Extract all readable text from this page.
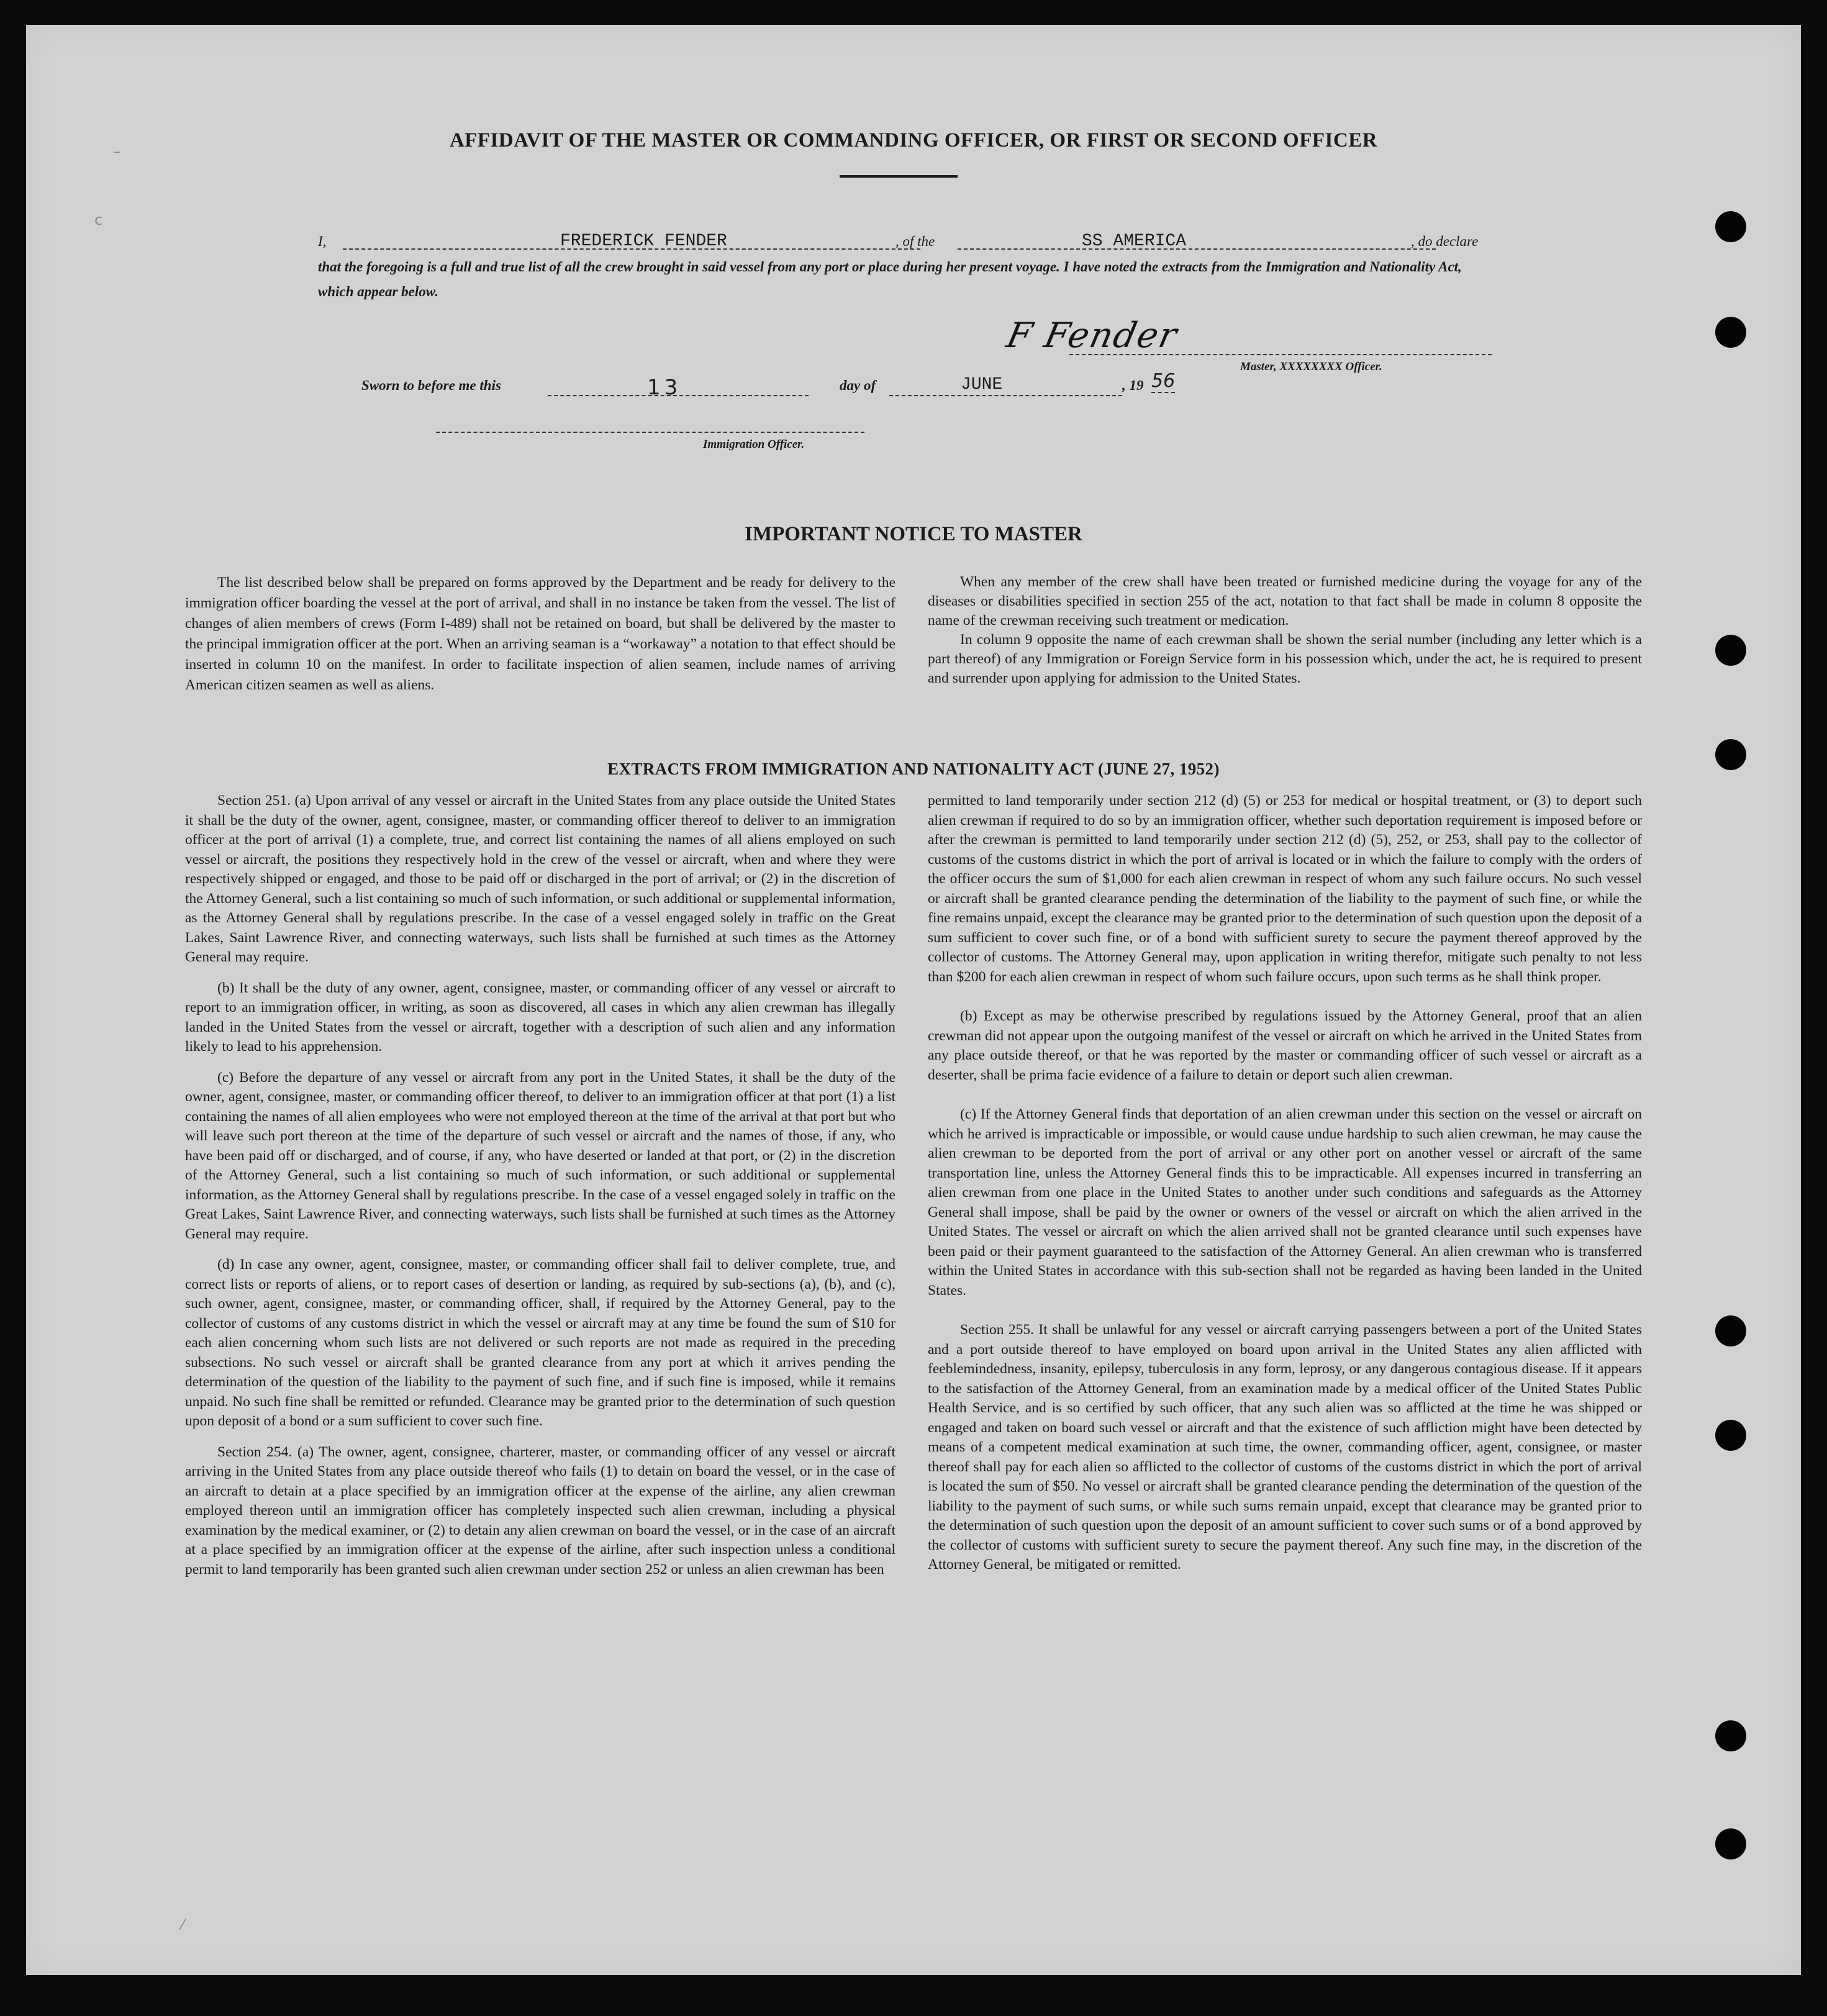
–
c
⁄
AFFIDAVIT OF THE MASTER OR COMMANDING OFFICER, OR FIRST OR SECOND OFFICER
I,	FREDERICK FENDER	, of the	SS AMERICA	, do declare
that the foregoing is a full and true list of all the crew brought in said vessel from any port or place during her present voyage. I have noted the extracts from the Immigration and Nationality Act, which appear below.
F Fender
Master, XXXXXXXX Officer.
Sworn to before me this	13	day of	JUNE	, 19 56
Immigration Officer.
IMPORTANT NOTICE TO MASTER

The list described below shall be prepared on forms approved by the Department and be ready for delivery to the immigration officer boarding the vessel at the port of arrival, and shall in no instance be taken from the vessel. The list of changes of alien members of crews (Form I-489) shall not be retained on board, but shall be delivered by the master to the principal immigration officer at the port. When an arriving seaman is a “workaway” a notation to that effect should be inserted in column 10 on the manifest. In order to facilitate inspection of alien seamen, include names of arriving American citizen seamen as well as aliens.

When any member of the crew shall have been treated or furnished medicine during the voyage for any of the diseases or disabilities specified in section 255 of the act, notation to that fact shall be made in column 8 opposite the name of the crewman receiving such treatment or medication.

In column 9 opposite the name of each crewman shall be shown the serial number (including any letter which is a part thereof) of any Immigration or Foreign Service form in his possession which, under the act, he is required to present and surrender upon applying for admission to the United States.

EXTRACTS FROM IMMIGRATION AND NATIONALITY ACT (JUNE 27, 1952)

Section 251. (a) Upon arrival of any vessel or aircraft in the United States from any place outside the United States it shall be the duty of the owner, agent, consignee, master, or commanding officer thereof to deliver to an immigration officer at the port of arrival (1) a complete, true, and correct list containing the names of all aliens employed on such vessel or aircraft, the positions they respectively hold in the crew of the vessel or aircraft, when and where they were respectively shipped or engaged, and those to be paid off or discharged in the port of arrival; or (2) in the discretion of the Attorney General, such a list containing so much of such information, or such additional or supplemental information, as the Attorney General shall by regulations prescribe. In the case of a vessel engaged solely in traffic on the Great Lakes, Saint Lawrence River, and connecting waterways, such lists shall be furnished at such times as the Attorney General may require.

(b) It shall be the duty of any owner, agent, consignee, master, or commanding officer of any vessel or aircraft to report to an immigration officer, in writing, as soon as discovered, all cases in which any alien crewman has illegally landed in the United States from the vessel or aircraft, together with a description of such alien and any information likely to lead to his apprehension.

(c) Before the departure of any vessel or aircraft from any port in the United States, it shall be the duty of the owner, agent, consignee, master, or commanding officer thereof, to deliver to an immigration officer at that port (1) a list containing the names of all alien employees who were not employed thereon at the time of the arrival at that port but who will leave such port thereon at the time of the departure of such vessel or aircraft and the names of those, if any, who have been paid off or discharged, and of course, if any, who have deserted or landed at that port, or (2) in the discretion of the Attorney General, such a list containing so much of such information, or such additional or supplemental information, as the Attorney General shall by regulations prescribe. In the case of a vessel engaged solely in traffic on the Great Lakes, Saint Lawrence River, and connecting waterways, such lists shall be furnished at such times as the Attorney General may require.

(d) In case any owner, agent, consignee, master, or commanding officer shall fail to deliver complete, true, and correct lists or reports of aliens, or to report cases of desertion or landing, as required by sub-sections (a), (b), and (c), such owner, agent, consignee, master, or commanding officer, shall, if required by the Attorney General, pay to the collector of customs of any customs district in which the vessel or aircraft may at any time be found the sum of $10 for each alien concerning whom such lists are not delivered or such reports are not made as required in the preceding subsections. No such vessel or aircraft shall be granted clearance from any port at which it arrives pending the determination of the question of the liability to the payment of such fine, and if such fine is imposed, while it remains unpaid. No such fine shall be remitted or refunded. Clearance may be granted prior to the determination of such question upon deposit of a bond or a sum sufficient to cover such fine.

Section 254. (a) The owner, agent, consignee, charterer, master, or commanding officer of any vessel or aircraft arriving in the United States from any place outside thereof who fails (1) to detain on board the vessel, or in the case of an aircraft to detain at a place specified by an immigration officer at the expense of the airline, any alien crewman employed thereon until an immigration officer has completely inspected such alien crewman, including a physical examination by the medical examiner, or (2) to detain any alien crewman on board the vessel, or in the case of an aircraft at a place specified by an immigration officer at the expense of the airline, after such inspection unless a conditional permit to land temporarily has been granted such alien crewman under section 252 or unless an alien crewman has been

permitted to land temporarily under section 212 (d) (5) or 253 for medical or hospital treatment, or (3) to deport such alien crewman if required to do so by an immigration officer, whether such deportation requirement is imposed before or after the crewman is permitted to land temporarily under section 212 (d) (5), 252, or 253, shall pay to the collector of customs of the customs district in which the port of arrival is located or in which the failure to comply with the orders of the officer occurs the sum of $1,000 for each alien crewman in respect of whom any such failure occurs. No such vessel or aircraft shall be granted clearance pending the determination of the liability to the payment of such fine, or while the fine remains unpaid, except the clearance may be granted prior to the determination of such question upon the deposit of a sum sufficient to cover such fine, or of a bond with sufficient surety to secure the payment thereof approved by the collector of customs. The Attorney General may, upon application in writing therefor, mitigate such penalty to not less than $200 for each alien crewman in respect of whom such failure occurs, upon such terms as he shall think proper.

(b) Except as may be otherwise prescribed by regulations issued by the Attorney General, proof that an alien crewman did not appear upon the outgoing manifest of the vessel or aircraft on which he arrived in the United States from any place outside thereof, or that he was reported by the master or commanding officer of such vessel or aircraft as a deserter, shall be prima facie evidence of a failure to detain or deport such alien crewman.

(c) If the Attorney General finds that deportation of an alien crewman under this section on the vessel or aircraft on which he arrived is impracticable or impossible, or would cause undue hardship to such alien crewman, he may cause the alien crewman to be deported from the port of arrival or any other port on another vessel or aircraft of the same transportation line, unless the Attorney General finds this to be impracticable. All expenses incurred in transferring an alien crewman from one place in the United States to another under such conditions and safeguards as the Attorney General shall impose, shall be paid by the owner or owners of the vessel or aircraft on which the alien arrived in the United States. The vessel or aircraft on which the alien arrived shall not be granted clearance until such expenses have been paid or their payment guaranteed to the satisfaction of the Attorney General. An alien crewman who is transferred within the United States in accordance with this sub-section shall not be regarded as having been landed in the United States.

Section 255. It shall be unlawful for any vessel or aircraft carrying passengers between a port of the United States and a port outside thereof to have employed on board upon arrival in the United States any alien afflicted with feeblemindedness, insanity, epilepsy, tuberculosis in any form, leprosy, or any dangerous contagious disease. If it appears to the satisfaction of the Attorney General, from an examination made by a medical officer of the United States Public Health Service, and is so certified by such officer, that any such alien was so afflicted at the time he was shipped or engaged and taken on board such vessel or aircraft and that the existence of such affliction might have been detected by means of a competent medical examination at such time, the owner, commanding officer, agent, consignee, or master thereof shall pay for each alien so afflicted to the collector of customs of the customs district in which the port of arrival is located the sum of $50. No vessel or aircraft shall be granted clearance pending the determination of the question of the liability to the payment of such sums, or while such sums remain unpaid, except that clearance may be granted prior to the determination of such question upon the deposit of an amount sufficient to cover such sums or of a bond approved by the collector of customs with sufficient surety to secure the payment thereof. Any such fine may, in the discretion of the Attorney General, be mitigated or remitted.
